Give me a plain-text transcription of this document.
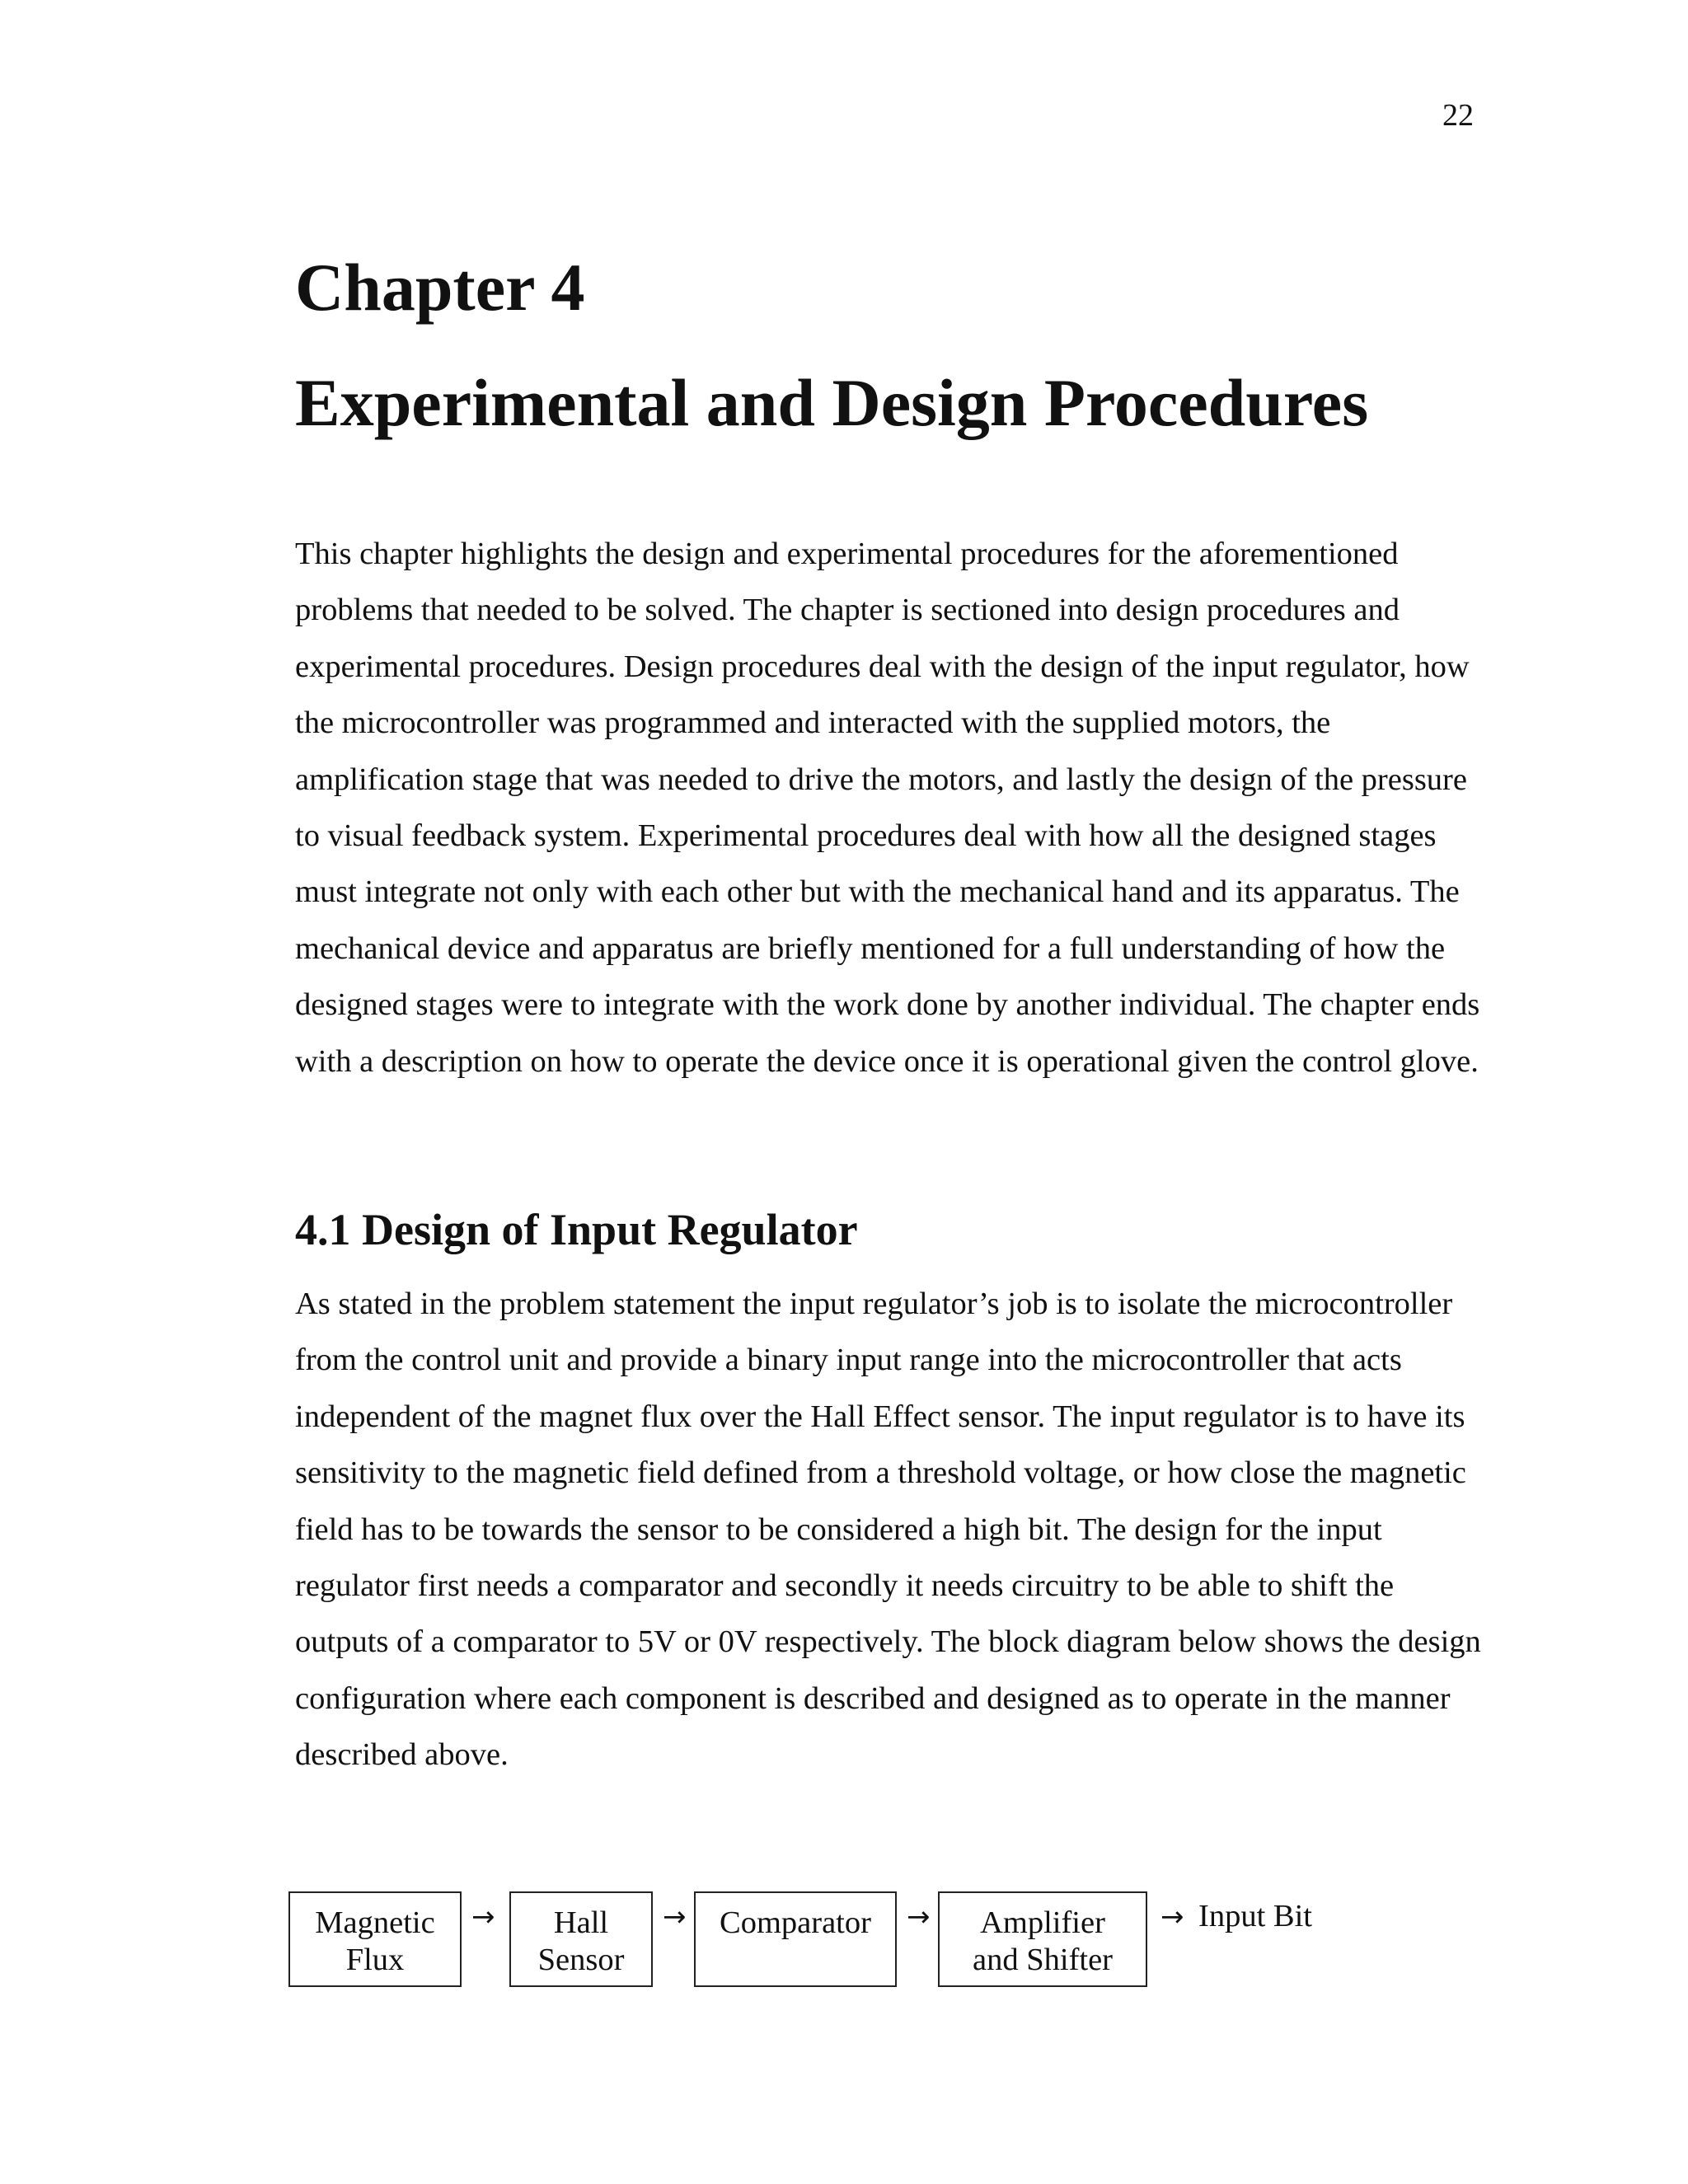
22
Chapter 4
Experimental and Design Procedures

This chapter highlights the design and experimental procedures for the aforementioned problems that needed to be solved. The chapter is sectioned into design procedures and experimental procedures. Design procedures deal with the design of the input regulator, how the microcontroller was programmed and interacted with the supplied motors, the amplification stage that was needed to drive the motors, and lastly the design of the pressure to visual feedback system. Experimental procedures deal with how all the designed stages must integrate not only with each other but with the mechanical hand and its apparatus. The mechanical device and apparatus are briefly mentioned for a full understanding of how the designed stages were to integrate with the work done by another individual. The chapter ends with a description on how to operate the device once it is operational given the control glove.

4.1 Design of Input Regulator

As stated in the problem statement the input regulator’s job is to isolate the microcontroller from the control unit and provide a binary input range into the microcontroller that acts independent of the magnet flux over the Hall Effect sensor. The input regulator is to have its sensitivity to the magnetic field defined from a threshold voltage, or how close the magnetic field has to be towards the sensor to be considered a high bit. The design for the input regulator first needs a comparator and secondly it needs circuitry to be able to shift the outputs of a comparator to 5V or 0V respectively. The block diagram below shows the design configuration where each component is described and designed as to operate in the manner described above.

Magnetic
Flux
→	Hall
Sensor
→	Comparator	→	Amplifier
and Shifter
→ Input Bit
